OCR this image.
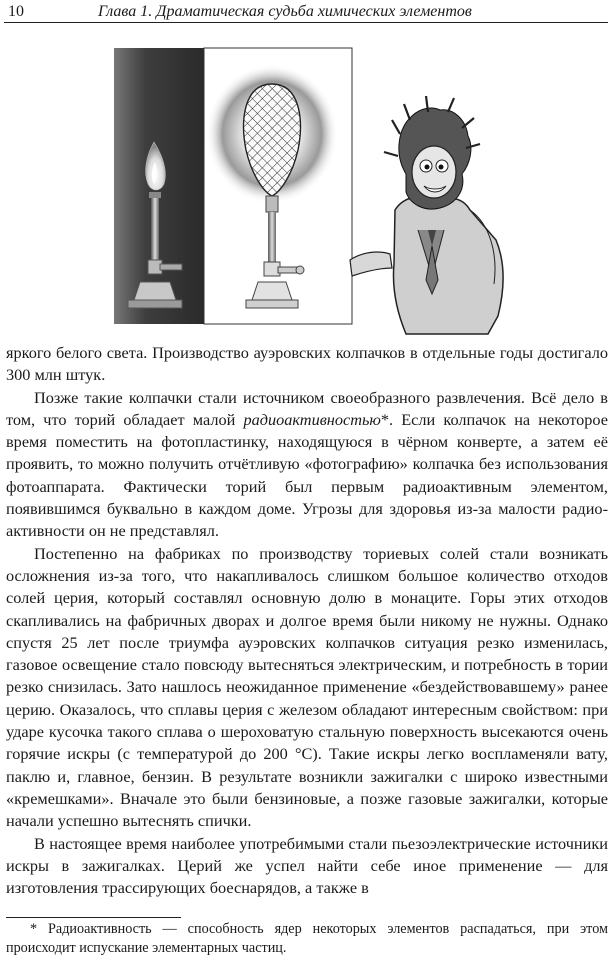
10	Глава 1. Драматическая судьба химических элементов

яркого белого света. Производство ауэровских колпачков в отдельные годы достигало 300 млн штук.

Позже такие колпачки стали источником своеобразного развлечения. Всё дело в том, что торий обладает малой радиоактивностью*. Если колпачок на некоторое время поместить на фотопластинку, находящуюся в чёрном конверте, а затем её проявить, то можно получить отчётливую «фотографию» колпачка без использования фотоаппарата. Фактически торий был первым радиоактивным элементом, появившимся буквально в каждом доме. Угрозы для здоровья из-за малости радиоактивности он не представлял.

Постепенно на фабриках по производству ториевых солей стали возникать осложнения из-за того, что накапливалось слишком большое количество отходов солей церия, который составлял основную долю в монаците. Горы этих отходов скапливались на фабричных дворах и долгое время были никому не нужны. Однако спустя 25 лет после триумфа ауэровских колпачков ситуация резко изменилась, газовое освещение стало повсюду вытесняться электрическим, и потребность в тории резко снизилась. Зато нашлось неожиданное применение «бездействовавшему» ранее церию. Оказалось, что сплавы церия с железом обладают интересным свойством: при ударе кусочка такого сплава о шероховатую стальную поверхность высекаются очень горячие искры (с температурой до 200 °C). Такие искры легко воспламеняли вату, паклю и, главное, бензин. В результате возникли зажигалки с широко известными «кремешками». Вначале это были бензиновые, а позже газовые зажигалки, которые начали успешно вытеснять спички.

В настоящее время наиболее употребимыми стали пьезоэлектрические источники искры в зажигалках. Церий же успел найти себе иное применение — для изготовления трассирующих боеснарядов, а также в

* Радиоактивность — способность ядер некоторых элементов распадаться, при этом происходит испускание элементарных частиц.
